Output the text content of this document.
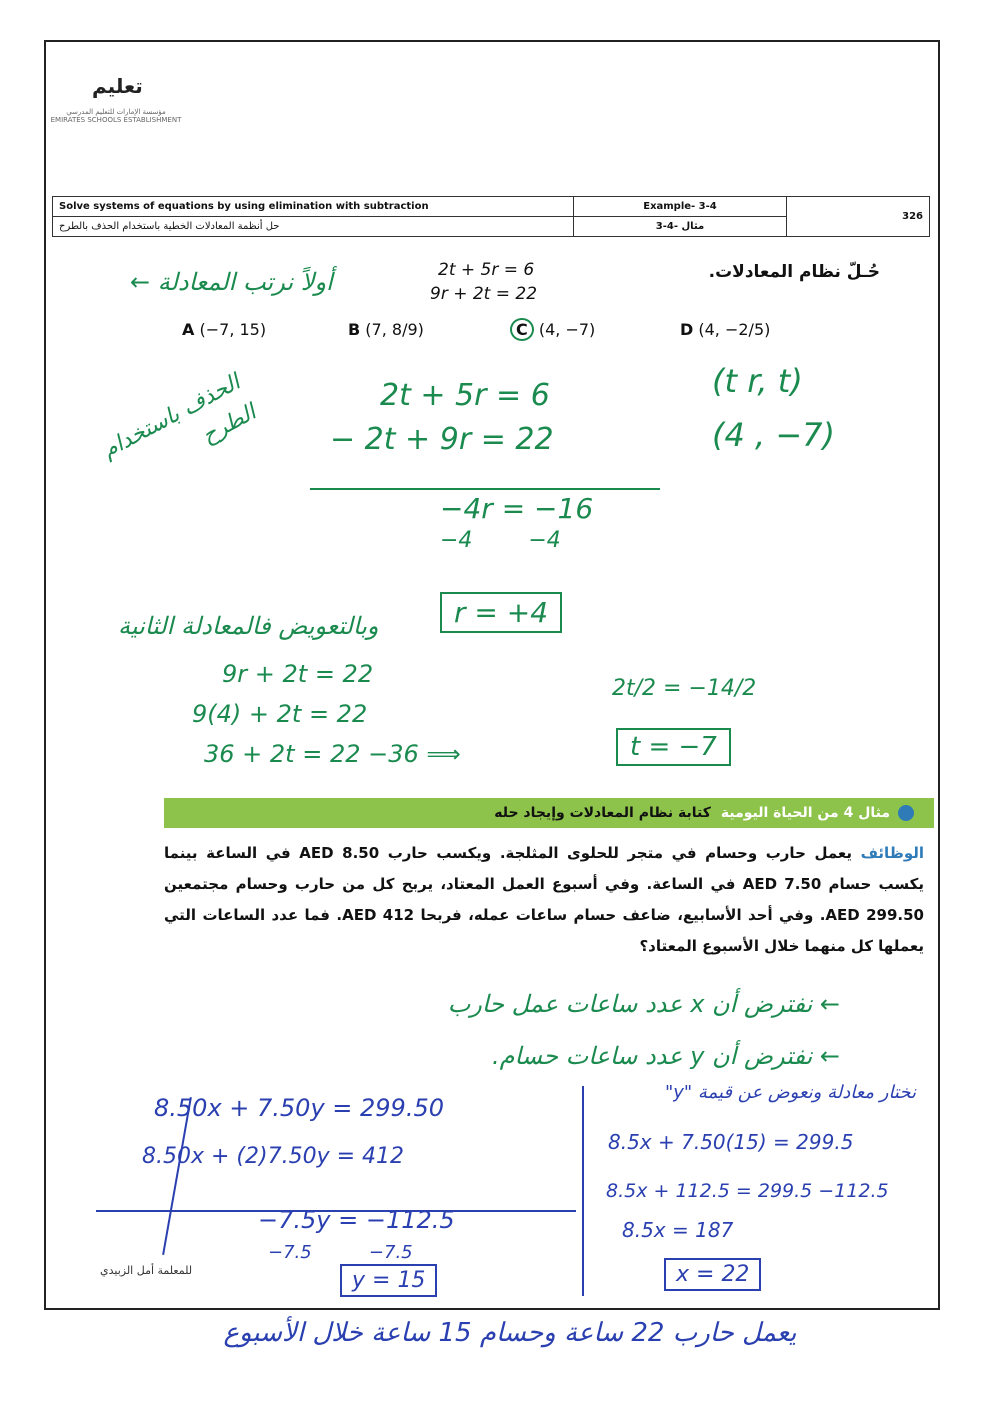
تعليم
مؤسسة الإمارات للتعليم المدرسي
EMIRATES SCHOOLS ESTABLISHMENT
Solve systems of equations by using elimination with subtraction	Example- 3-4	326
حل أنظمة المعادلات الخطية باستخدام الحذف بالطرح	مثال -4-3	
حُـلّ نظام المعادلات.
2t + 5r = 6
9r + 2t = 22
A (−7, 15)	B (7, 8/9)	C (4, −7)	D (4, −2/5)
أولاً نرتب المعادلة ←
الحذف باستخدام الطرح
2t + 5r = 6
− 2t + 9r = 22
−4r = −16
−4        −4
(t r, t)
(4 , −7)
وبالتعويض فالمعادلة الثانية	r = +4
9r + 2t = 22
9(4) + 2t = 22
36 + 2t = 22 −36 ⟹
2t/2 = −14/2
t = −7
مثال 4 من الحياة اليومية
كتابة نظام المعادلات وإيجاد حله
الوظائف يعمل حارب وحسام في متجر للحلوى المثلجة. ويكسب حارب AED 8.50 في الساعة بينما يكسب حسام AED 7.50 في الساعة. وفي أسبوع العمل المعتاد، يربح كل من حارب وحسام مجتمعين AED 299.50. وفي أحد الأسابيع، ضاعف حسام ساعات عمله، فربحا AED 412. فما عدد الساعات التي يعملها كل منهما خلال الأسبوع المعتاد؟
← نفترض أن x عدد ساعات عمل حارب
← نفترض أن y عدد ساعات حسام.
8.50x + 7.50y = 299.50
8.50x + (2)7.50y = 412
−7.5y = −112.5
−7.5          −7.5
y = 15
نختار معادلة ونعوض عن قيمة "y"
8.5x + 7.50(15) = 299.5
8.5x + 112.5 = 299.5 −112.5
8.5x = 187
x = 22
للمعلمة أمل الزبيدي
يعمل حارب 22 ساعة وحسام 15 ساعة خلال الأسبوع
